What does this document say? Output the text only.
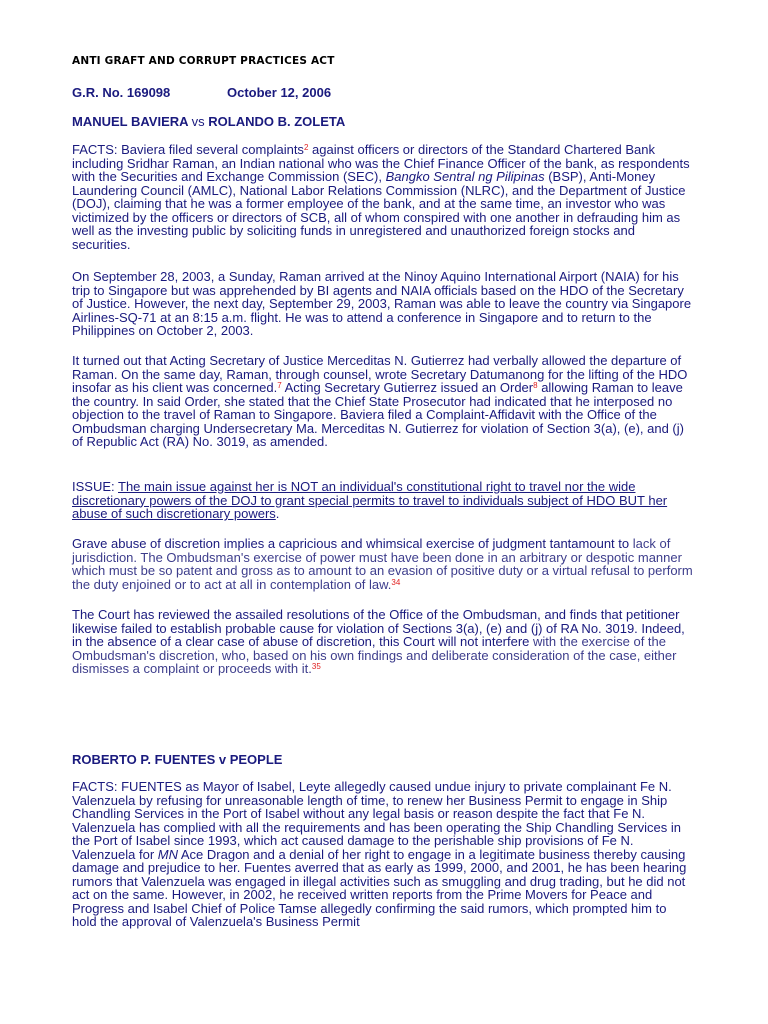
ANTI GRAFT AND CORRUPT PRACTICES ACT

G.R. No. 169098	October 12, 2006

MANUEL BAVIERA vs ROLANDO B. ZOLETA

FACTS: Baviera filed several complaints$^2$ against officers or directors of the Standard Chartered Bank including Sridhar Raman, an Indian national who was the Chief Finance Officer of the bank, as respondents with the Securities and Exchange Commission (SEC), Bangko Sentral ng Pilipinas (BSP), Anti-Money Laundering Council (AMLC), National Labor Relations Commission (NLRC), and the Department of Justice (DOJ), claiming that he was a former employee of the bank, and at the same time, an investor who was victimized by the officers or directors of SCB, all of whom conspired with one another in defrauding him as well as the investing public by soliciting funds in unregistered and unauthorized foreign stocks and securities.

On September 28, 2003, a Sunday, Raman arrived at the Ninoy Aquino International Airport (NAIA) for his trip to Singapore but was apprehended by BI agents and NAIA officials based on the HDO of the Secretary of Justice. However, the next day, September 29, 2003, Raman was able to leave the country via Singapore Airlines-SQ-71 at an 8:15 a.m. flight. He was to attend a conference in Singapore and to return to the Philippines on October 2, 2003.

It turned out that Acting Secretary of Justice Merceditas N. Gutierrez had verbally allowed the departure of Raman. On the same day, Raman, through counsel, wrote Secretary Datumanong for the lifting of the HDO insofar as his client was concerned.$^7$ Acting Secretary Gutierrez issued an Order$^8$ allowing Raman to leave the country. In said Order, she stated that the Chief State Prosecutor had indicated that he interposed no objection to the travel of Raman to Singapore. Baviera filed a Complaint-Affidavit with the Office of the Ombudsman charging Undersecretary Ma. Merceditas N. Gutierrez for violation of Section 3(a), (e), and (j) of Republic Act (RA) No. 3019, as amended.

ISSUE: The main issue against her is NOT an individual's constitutional right to travel nor the wide discretionary powers of the DOJ to grant special permits to travel to individuals subject of HDO BUT her abuse of such discretionary powers.

Grave abuse of discretion implies a capricious and whimsical exercise of judgment tantamount to lack of jurisdiction. The Ombudsman's exercise of power must have been done in an arbitrary or despotic manner which must be so patent and gross as to amount to an evasion of positive duty or a virtual refusal to perform the duty enjoined or to act at all in contemplation of law.$^{34}$

The Court has reviewed the assailed resolutions of the Office of the Ombudsman, and finds that petitioner likewise failed to establish probable cause for violation of Sections 3(a), (e) and (j) of RA No. 3019. Indeed, in the absence of a clear case of abuse of discretion, this Court will not interfere with the exercise of the Ombudsman's discretion, who, based on his own findings and deliberate consideration of the case, either dismisses a complaint or proceeds with it.$^{35}$

ROBERTO P. FUENTES v PEOPLE

FACTS: FUENTES as Mayor of Isabel, Leyte allegedly caused undue injury to private complainant Fe N. Valenzuela by refusing for unreasonable length of time, to renew her Business Permit to engage in Ship Chandling Services in the Port of Isabel without any legal basis or reason despite the fact that Fe N. Valenzuela has complied with all the requirements and has been operating the Ship Chandling Services in the Port of Isabel since 1993, which act caused damage to the perishable ship provisions of Fe N. Valenzuela for MN Ace Dragon and a denial of her right to engage in a legitimate business thereby causing damage and prejudice to her. Fuentes averred that as early as 1999, 2000, and 2001, he has been hearing rumors that Valenzuela was engaged in illegal activities such as smuggling and drug trading, but he did not act on the same. However, in 2002, he received written reports from the Prime Movers for Peace and Progress and Isabel Chief of Police Tamse allegedly confirming the said rumors, which prompted him to hold the approval of Valenzuela's Business Permit
